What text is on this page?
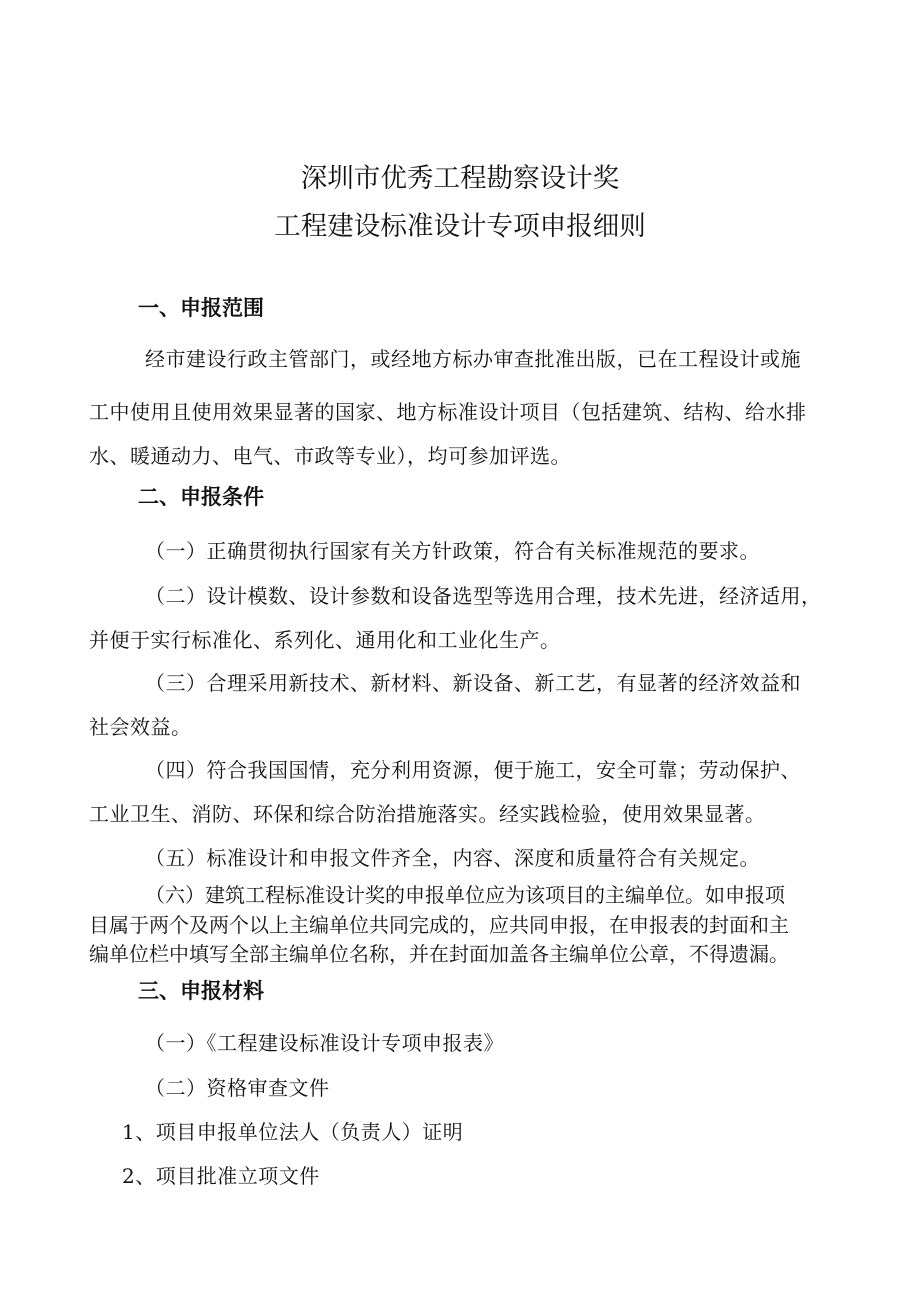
深圳市优秀工程勘察设计奖
工程建设标准设计专项申报细则
一、申报范围
经市建设行政主管部门，或经地方标办审查批准出版，已在工程设计或施
工中使用且使用效果显著的国家、地方标准设计项目（包括建筑、结构、给水排
水、暖通动力、电气、市政等专业），均可参加评选。
二、申报条件
（一）正确贯彻执行国家有关方针政策，符合有关标准规范的要求。
（二）设计模数、设计参数和设备选型等选用合理，技术先进，经济适用，
并便于实行标准化、系列化、通用化和工业化生产。
（三）合理采用新技术、新材料、新设备、新工艺，有显著的经济效益和
社会效益。
（四）符合我国国情，充分利用资源，便于施工，安全可靠；劳动保护、
工业卫生、消防、环保和综合防治措施落实。经实践检验，使用效果显著。
（五）标准设计和申报文件齐全，内容、深度和质量符合有关规定。
（六）建筑工程标准设计奖的申报单位应为该项目的主编单位。如申报项
目属于两个及两个以上主编单位共同完成的，应共同申报，在申报表的封面和主
编单位栏中填写全部主编单位名称，并在封面加盖各主编单位公章，不得遗漏。
三、申报材料
（一）《工程建设标准设计专项申报表》
（二）资格审查文件
1、项目申报单位法人（负责人）证明
2、项目批准立项文件
